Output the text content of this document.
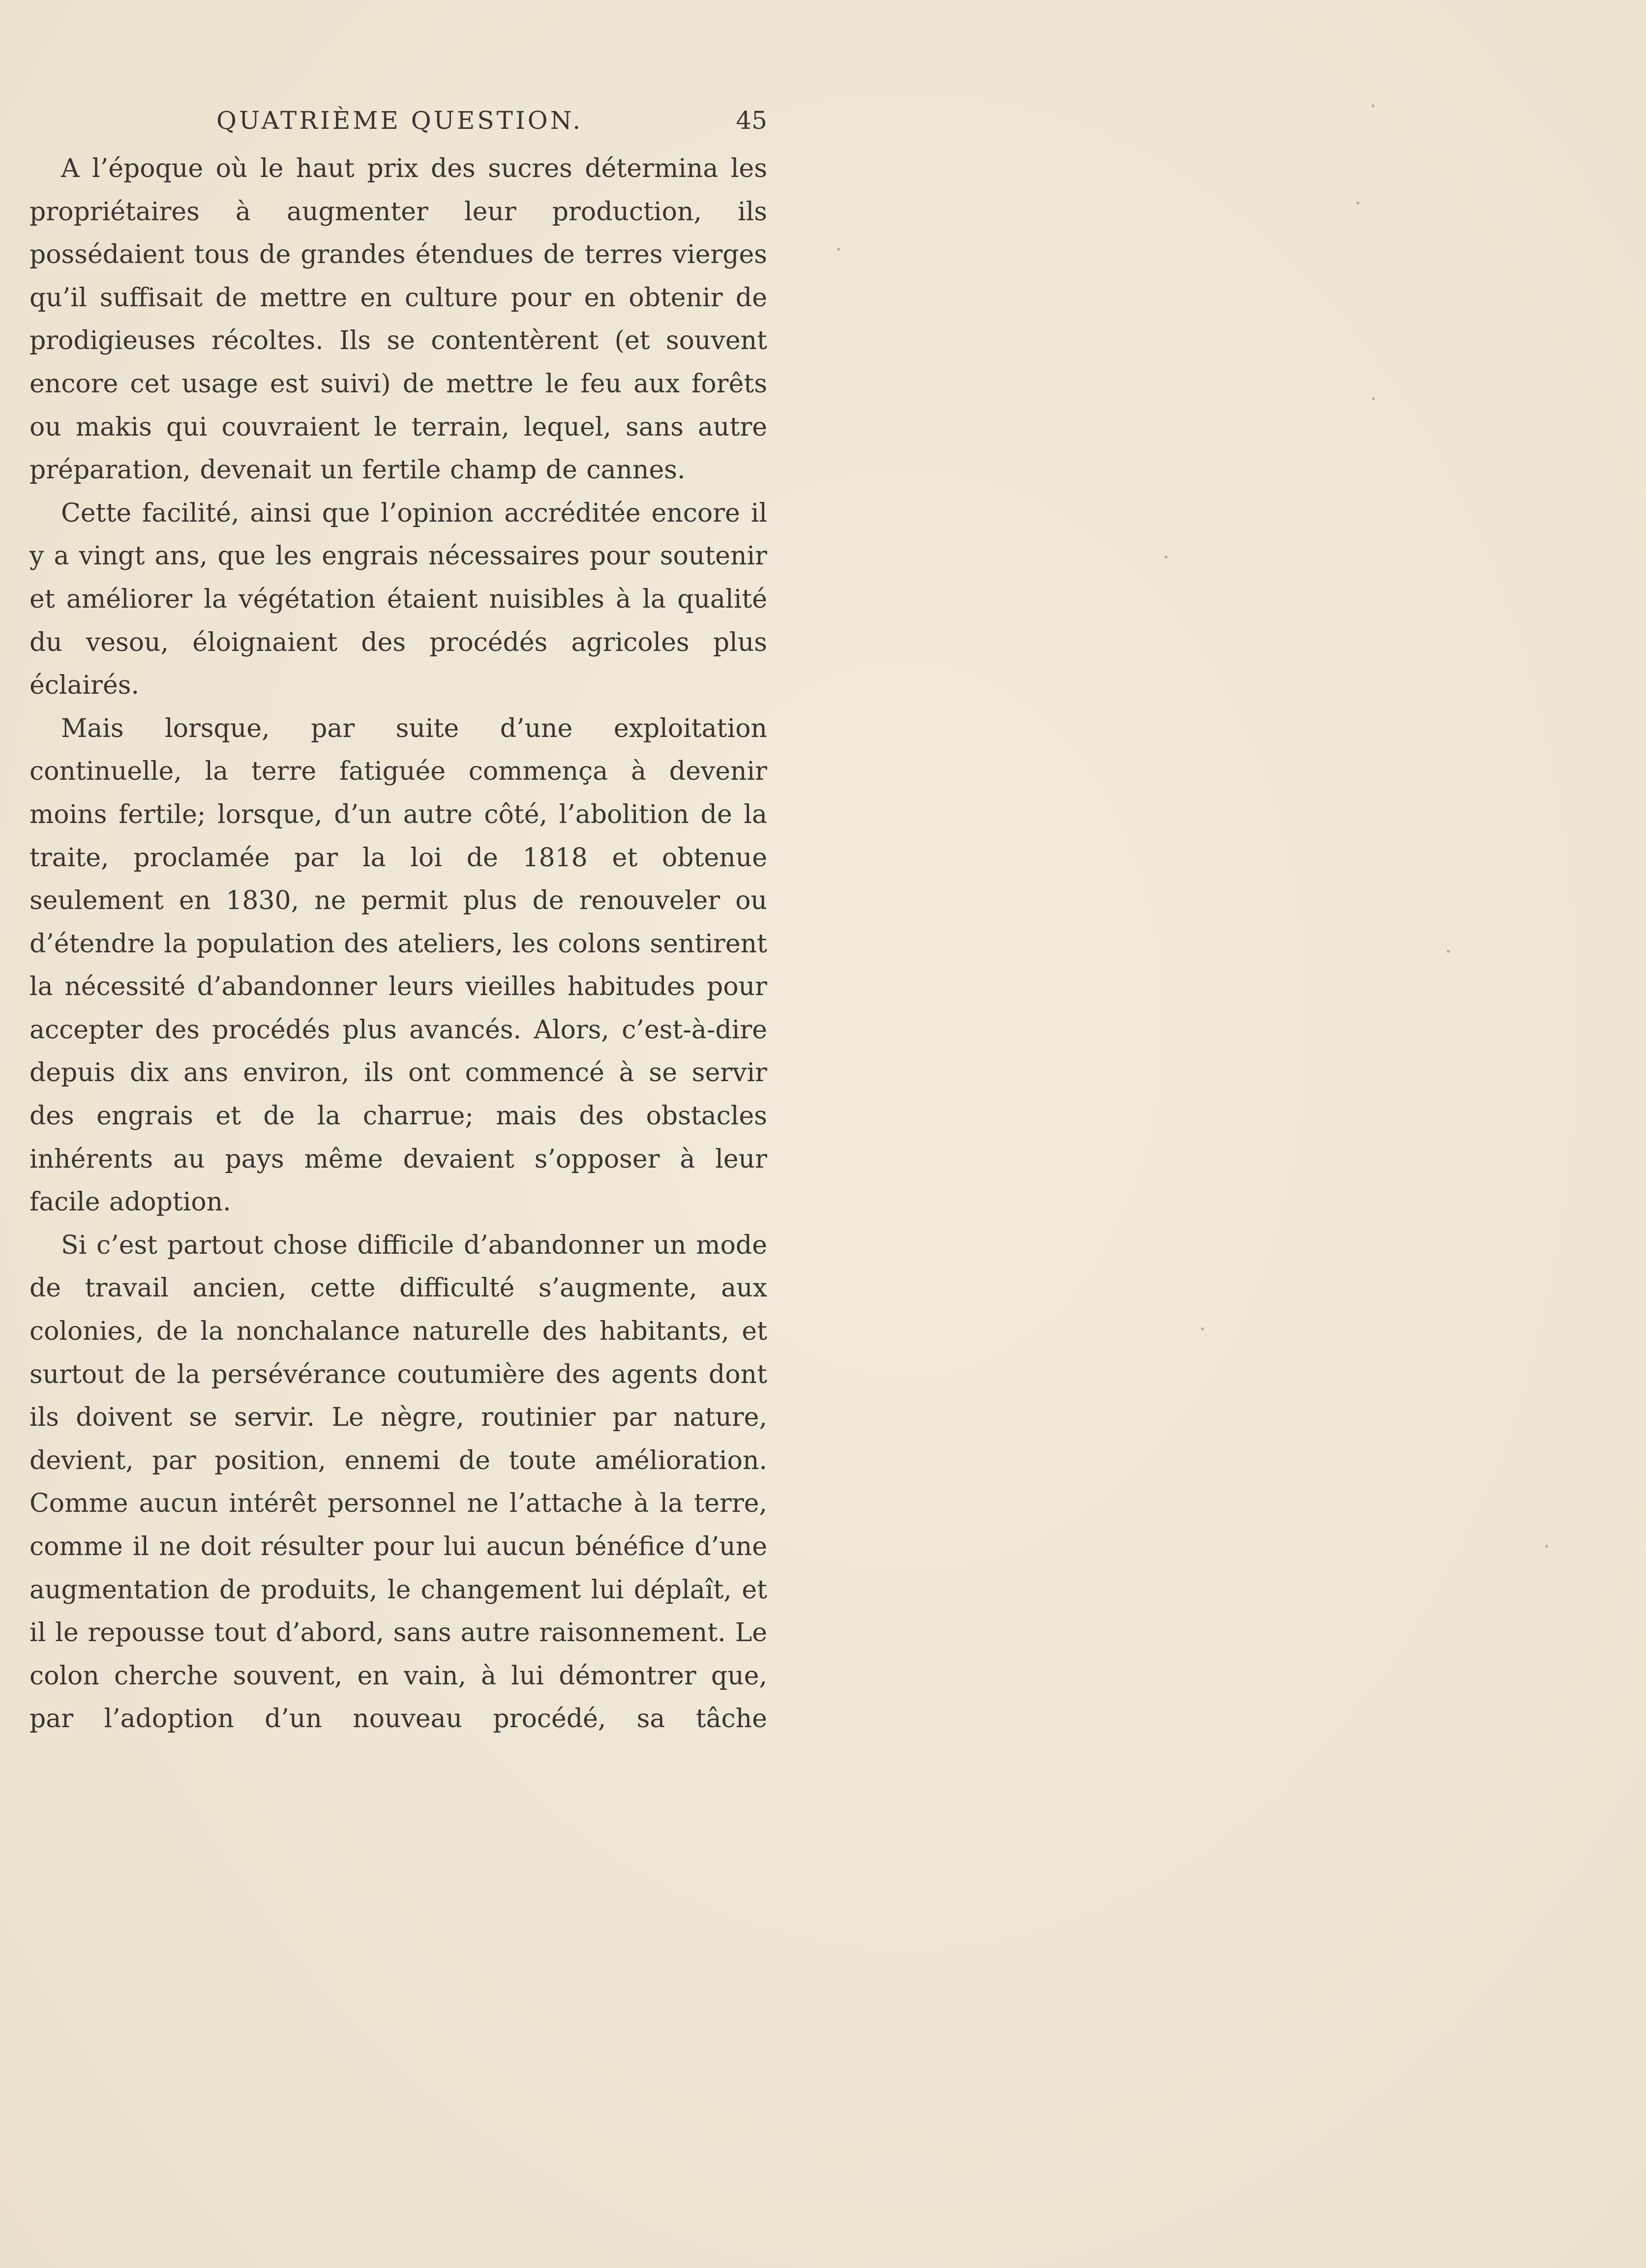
QUATRIÈME QUESTION.	45

A l’époque où le haut prix des sucres détermina les propriétaires à augmenter leur production, ils possédaient tous de grandes étendues de terres vierges qu’il suffisait de mettre en culture pour en obtenir de prodigieuses récoltes. Ils se contentèrent (et souvent encore cet usage est suivi) de mettre le feu aux forêts ou makis qui couvraient le terrain, lequel, sans autre préparation, devenait un fertile champ de cannes.

Cette facilité, ainsi que l’opinion accréditée encore il y a vingt ans, que les engrais nécessaires pour soutenir et améliorer la végétation étaient nuisibles à la qualité du vesou, éloignaient des procédés agricoles plus éclairés.

Mais lorsque, par suite d’une exploitation continuelle, la terre fatiguée commença à devenir moins fertile; lorsque, d’un autre côté, l’abolition de la traite, proclamée par la loi de 1818 et obtenue seulement en 1830, ne permit plus de renouveler ou d’étendre la population des ateliers, les colons sentirent la nécessité d’abandonner leurs vieilles habitudes pour accepter des procédés plus avancés. Alors, c’est-à-dire depuis dix ans environ, ils ont commencé à se servir des engrais et de la charrue; mais des obstacles inhérents au pays même devaient s’opposer à leur facile adoption.

Si c’est partout chose difficile d’abandonner un mode de travail ancien, cette difficulté s’augmente, aux colonies, de la nonchalance naturelle des habitants, et surtout de la persévérance coutumière des agents dont ils doivent se servir. Le nègre, routinier par nature, devient, par position, ennemi de toute amélioration. Comme aucun intérêt personnel ne l’attache à la terre, comme il ne doit résulter pour lui aucun bénéfice d’une augmentation de produits, le changement lui déplaît, et il le repousse tout d’abord, sans autre raisonnement. Le colon cherche souvent, en vain, à lui démontrer que, par l’adoption d’un nouveau procédé, sa tâche
